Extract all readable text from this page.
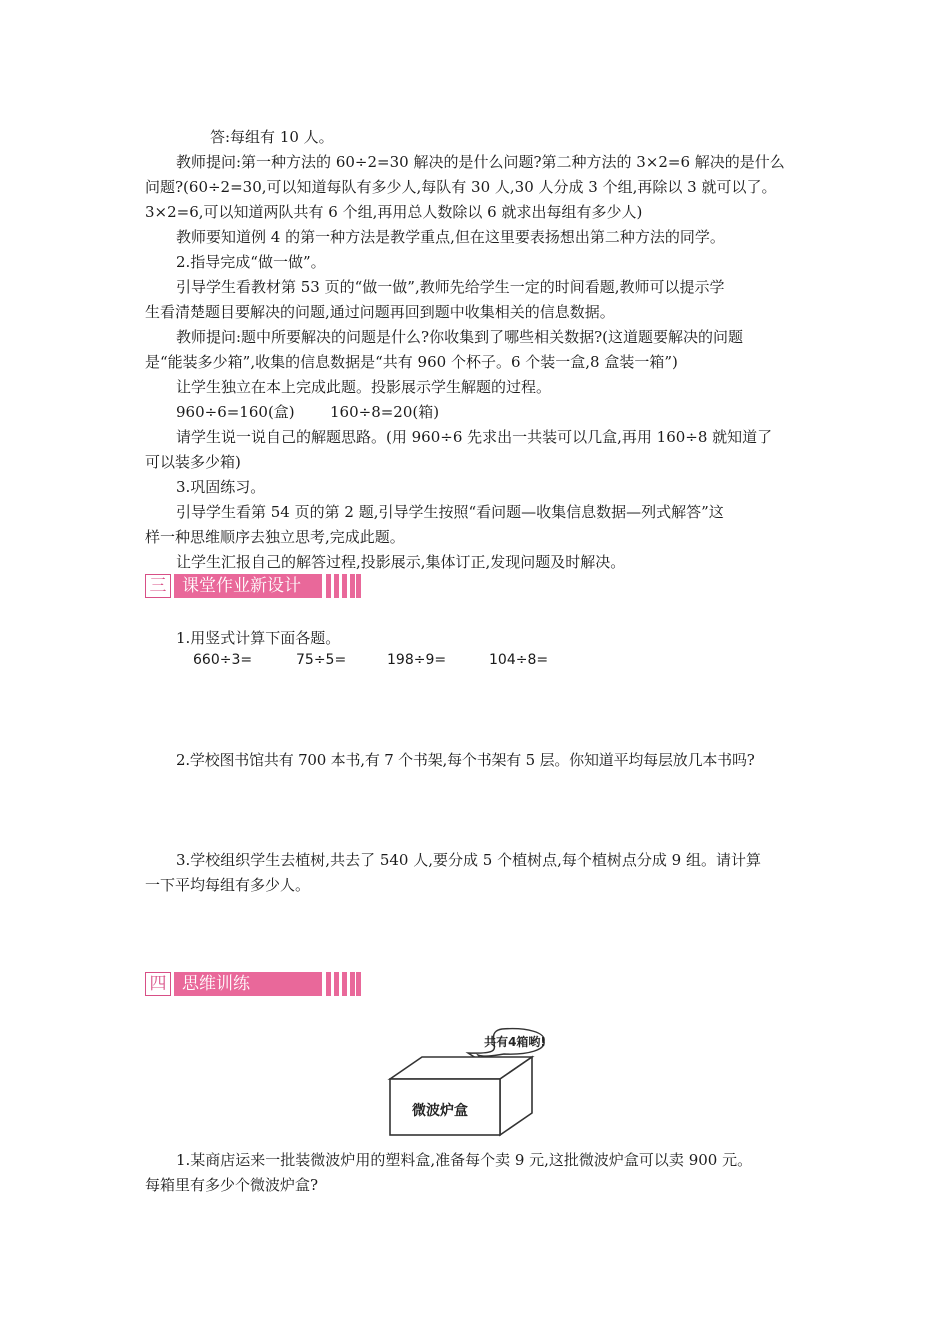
答:每组有 10 人。
教师提问:第一种方法的 60÷2=30 解决的是什么问题?第二种方法的 3×2=6 解决的是什么
问题?(60÷2=30,可以知道每队有多少人,每队有 30 人,30 人分成 3 个组,再除以 3 就可以了。
3×2=6,可以知道两队共有 6 个组,再用总人数除以 6 就求出每组有多少人)
教师要知道例 4 的第一种方法是教学重点,但在这里要表扬想出第二种方法的同学。
2.指导完成“做一做”。
引导学生看教材第 53 页的“做一做”,教师先给学生一定的时间看题,教师可以提示学
生看清楚题目要解决的问题,通过问题再回到题中收集相关的信息数据。
教师提问:题中所要解决的问题是什么?你收集到了哪些相关数据?(这道题要解决的问题
是“能装多少箱”,收集的信息数据是“共有 960 个杯子。6 个装一盒,8 盒装一箱”)
让学生独立在本上完成此题。投影展示学生解题的过程。
960÷6=160(盒)	160÷8=20(箱)
请学生说一说自己的解题思路。(用 960÷6 先求出一共装可以几盒,再用 160÷8 就知道了
可以装多少箱)
3.巩固练习。
引导学生看第 54 页的第 2 题,引导学生按照“看问题—收集信息数据—列式解答”这
样一种思维顺序去独立思考,完成此题。
让学生汇报自己的解答过程,投影展示,集体订正,发现问题及时解决。
三 课堂作业新设计
1.用竖式计算下面各题。
660÷3=	75÷5=	198÷9=	104÷8=
2.学校图书馆共有 700 本书,有 7 个书架,每个书架有 5 层。你知道平均每层放几本书吗?
3.学校组织学生去植树,共去了 540 人,要分成 5 个植树点,每个植树点分成 9 组。请计算
一下平均每组有多少人。
四 思维训练
共有4箱哟!
微波炉盒
1.某商店运来一批装微波炉用的塑料盒,准备每个卖 9 元,这批微波炉盒可以卖 900 元。
每箱里有多少个微波炉盒?
